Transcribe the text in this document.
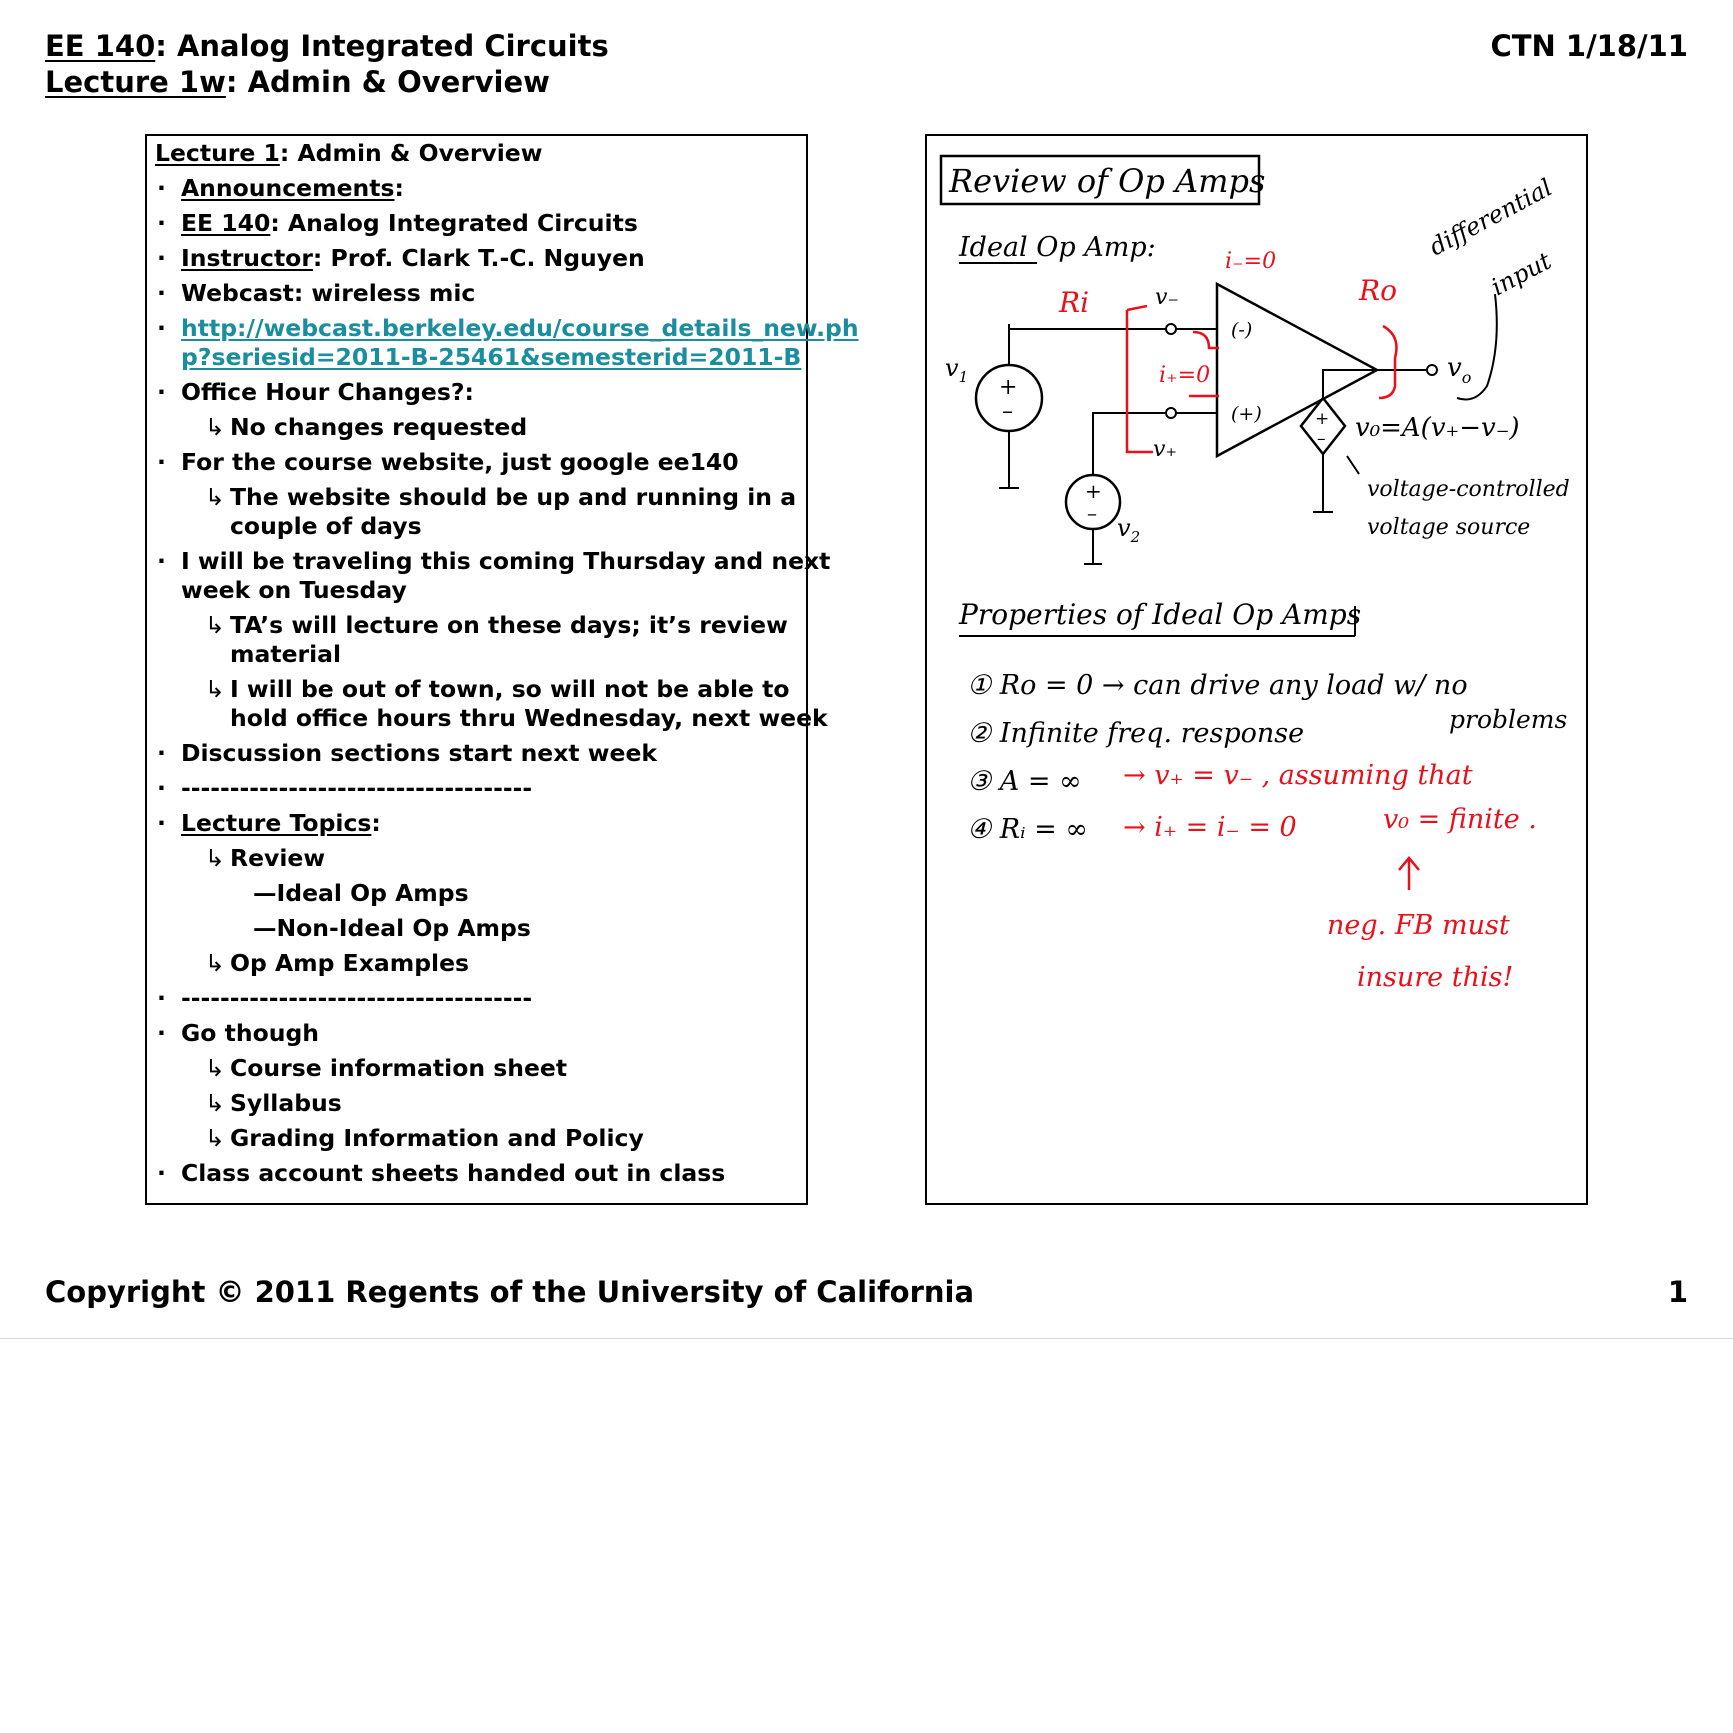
EE 140: Analog Integrated Circuits
Lecture 1w: Admin & Overview
CTN 1/18/11
Lecture 1: Admin & Overview
· Announcements:
· EE 140: Analog Integrated Circuits
· Instructor: Prof. Clark T.-C. Nguyen
· Webcast: wireless mic
· http://webcast.berkeley.edu/course_details_new.ph
p?seriesid=2011-B-25461&semesterid=2011-B
· Office Hour Changes?:
↳ No changes requested
· For the course website, just google ee140
↳ The website should be up and running in a
couple of days
· I will be traveling this coming Thursday and next
week on Tuesday
↳ TA’s will lecture on these days; it’s review
material
↳ I will be out of town, so will not be able to
hold office hours thru Wednesday, next week
· Discussion sections start next week
· ------------------------------------
· Lecture Topics:
↳ Review
—Ideal Op Amps
—Non-Ideal Op Amps
↳ Op Amp Examples
· ------------------------------------
· Go though
↳ Course information sheet
↳ Syllabus
↳ Grading Information and Policy
· Class account sheets handed out in class
Review of Op Amps
Ideal Op Amp:
(-)
(+)
+
–
$v_1$
+
–
$v_2$
v₋
v₊
+
–
$v_o$
v₀=A(v₊−v₋)
voltage-controlled
voltage source
differential
input
Ri	Ro
i₋=0
i₊=0
Properties of Ideal Op Amps
① Ro = 0 → can drive any load w/ no
problems
② Infinite freq. response
③ A = ∞
④ Rᵢ = ∞
→ v₊ = v₋ , assuming that
→ i₊ = i₋ = 0	v₀ = finite .
neg. FB must
insure this!
Copyright © 2011 Regents of the University of California	1
